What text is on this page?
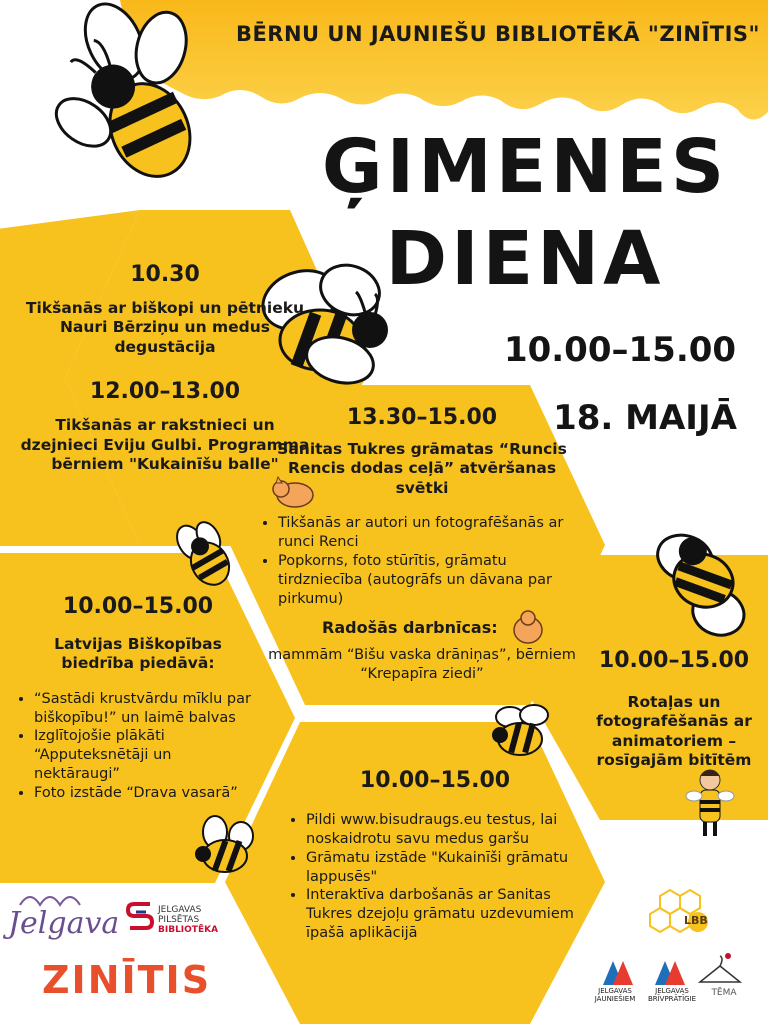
BĒRNU UN JAUNIEŠU BIBLIOTĒKĀ "ZINĪTIS"
ĢIMENES
DIENA
10.00–15.00
18. MAIJĀ
10.30
Tikšanās ar biškopi un pētnieku Nauri Bērziņu un medus degustācija
12.00–13.00
Tikšanās ar rakstnieci un dzejnieci Eviju Gulbi. Programma bērniem "Kukainīšu balle"
13.30–15.00
Sanitas Tukres grāmatas “Runcis Rencis dodas ceļā” atvēršanas svētki
• Tikšanās ar autori un fotografēšanās ar runci Renci
• Popkorns, foto stūrītis, grāmatu tirdzniecība (autogrāfs un dāvana par pirkumu)
Radošās darbnīcas:
mammām “Bišu vaska drāniņas”, bērniem “Krepapīra ziedi”
10.00–15.00
Latvijas Biškopības biedrība piedāvā:
• “Sastādi krustvārdu mīklu par biškopību!” un laimē balvas
• Izglītojošie plākāti “Apputeksnētāji un nektāraugi”
• Foto izstāde “Drava vasarā”
10.00–15.00
Rotaļas un fotografēšanās ar animatoriem – rosīgajām bitītēm
10.00–15.00
• Pildi www.bisudraugs.eu testus, lai noskaidrotu savu medus garšu
• Grāmatu izstāde "Kukainīši grāmatu lappusēs"
• Interaktīva darbošanās ar Sanitas Tukres dzejoļu grāmatu uzdevumiem īpašā aplikācijā
Jelgava	JELGAVAS
PILSĒTAS
BIBLIOTĒKA
ZINĪTIS
LBB
JELGAVAS
JAUNIEŠIEM
JELGAVAS
BRĪVPRĀTĪGIE
TĒMA
